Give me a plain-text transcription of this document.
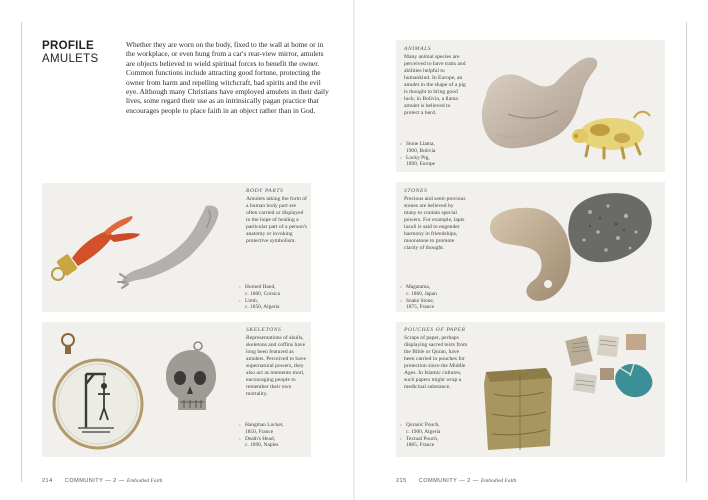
PROFILE
AMULETS
Whether they are worn on the body, fixed to the wall at home or in the workplace, or even hung from a car's rear-view mirror, amulets are objects believed to wield spiritual forces to benefit the owner. Common functions include attracting good fortune, protecting the owner from harm and repelling witchcraft, bad spirits and the evil eye. Although many Christians have employed amulets in their daily lives, some regard their use as an intrinsically pagan practice that encourages people to place faith in an object rather than in God.
ANIMALS
Many animal species are perceived to have traits and abilities helpful to humankind. In Europe, an amulet in the shape of a pig is thought to bring good luck; in Bolivia, a llama amulet is believed to protect a herd.
‹ Stone Llama,
1900, Bolivia
‹ Lucky Pig,
1890, Europe
BODY PARTS
Amulets taking the form of a human body part are often carried or displayed in the hope of healing a particular part of a person's anatomy or invoking protective symbolism.
‹ Horned Hand,
c. 1800, Corsica
‹ Limb,
c. 1850, Algeria
STONES
Precious and semi-precious stones are believed by many to contain special powers. For example, lapis lazuli is said to engender harmony in friendships, moonstone to promote clarity of thought.
‹ Magatama,
c. 1860, Japan
‹ Snake Stone,
1875, France
SKELETONS
Representations of skulls, skeletons and coffins have long been featured as amulets. Perceived to have supernatural powers, they also act as memento mori, encouraging people to remember their own mortality.
‹ Hangman Locket,
1850, France
‹ Death's Head,
c. 1890, Naples
POUCHES OF PAPER
Scraps of paper, perhaps displaying sacred texts from the Bible or Quran, have been carried in pouches for protection since the Middle Ages. In Islamic cultures, such papers might wrap a medicinal substance.
‹ Quranic Pouch,
c. 1900, Algeria
‹ Textual Pouch,
1885, France
214 COMMUNITY — 2 — Embodied Faith	215 COMMUNITY — 2 — Embodied Faith
